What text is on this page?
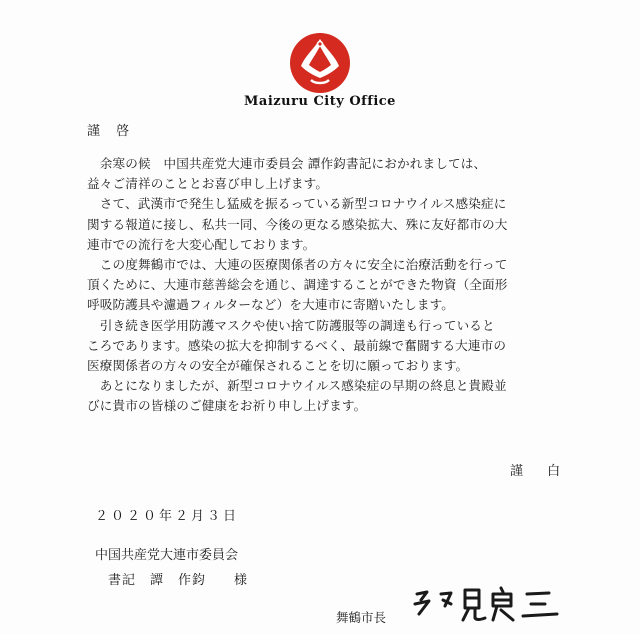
Maizuru City Office
謹 啓
　余寒の候　中国共産党大連市委員会 譚作鈞書記におかれましては、
益々ご清祥のこととお喜び申し上げます。
　さて、武漢市で発生し猛威を振るっている新型コロナウイルス感染症に
関する報道に接し、私共一同、今後の更なる感染拡大、殊に友好都市の大
連市での流行を大変心配しております。
　この度舞鶴市では、大連の医療関係者の方々に安全に治療活動を行って
頂くために、大連市慈善総会を通じ、調達することができた物資（全面形
呼吸防護具や濾過フィルターなど）を大連市に寄贈いたします。
　引き続き医学用防護マスクや使い捨て防護服等の調達も行っていると
ころであります。感染の拡大を抑制するべく、最前線で奮闘する大連市の
医療関係者の方々の安全が確保されることを切に願っております。
　あとになりましたが、新型コロナウイルス感染症の早期の終息と貴殿並
びに貴市の皆様のご健康をお祈り申し上げます。
謹 白
２０２０年２月３日
中国共産党大連市委員会
書記　譚　作鈞　　様
舞鶴市長
